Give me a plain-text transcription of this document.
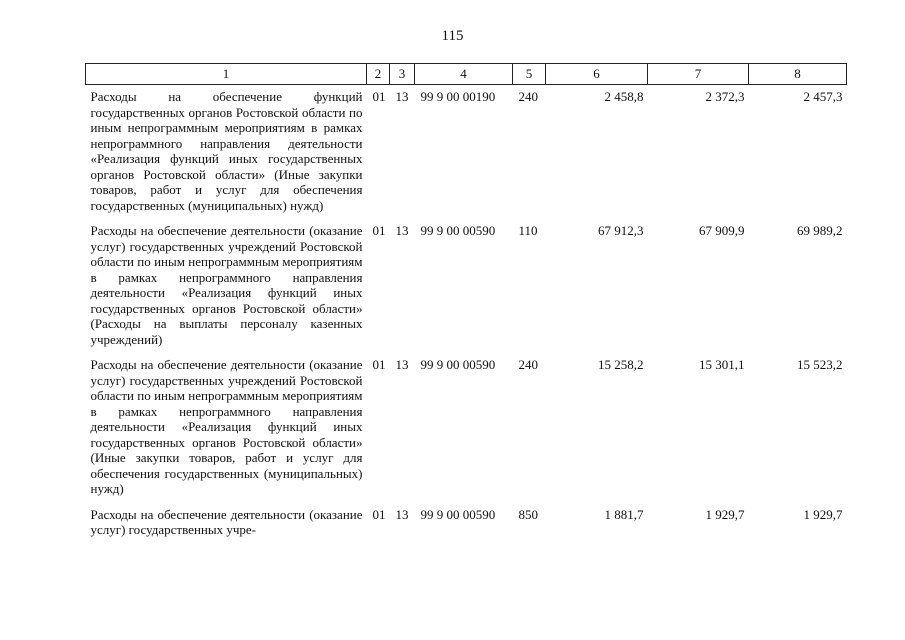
115
1	2	3	4	5	6	7	8
Расходы на обеспечение функций государственных органов Ростовской области по иным непрограммным мероприятиям в рамках непрограммного направления деятельности «Реализация функций иных государственных органов Ростовской области» (Иные закупки товаров, работ и услуг для обеспечения государственных (муниципальных) нужд)	01	13	99 9 00 00190	240	2 458,8	2 372,3	2 457,3
Расходы на обеспечение деятельности (оказание услуг) государственных учреждений Ростовской области по иным непрограммным мероприятиям в рамках непрограммного направления деятельности «Реализация функций иных государственных органов Ростовской области» (Расходы на выплаты персоналу казенных учреждений)	01	13	99 9 00 00590	110	67 912,3	67 909,9	69 989,2
Расходы на обеспечение деятельности (оказание услуг) государственных учреждений Ростовской области по иным непрограммным мероприятиям в рамках непрограммного направления деятельности «Реализация функций иных государственных органов Ростовской области» (Иные закупки товаров, работ и услуг для обеспечения государственных (муниципальных) нужд)	01	13	99 9 00 00590	240	15 258,2	15 301,1	15 523,2
Расходы на обеспечение деятельности (оказание услуг) государственных учре-	01	13	99 9 00 00590	850	1 881,7	1 929,7	1 929,7
